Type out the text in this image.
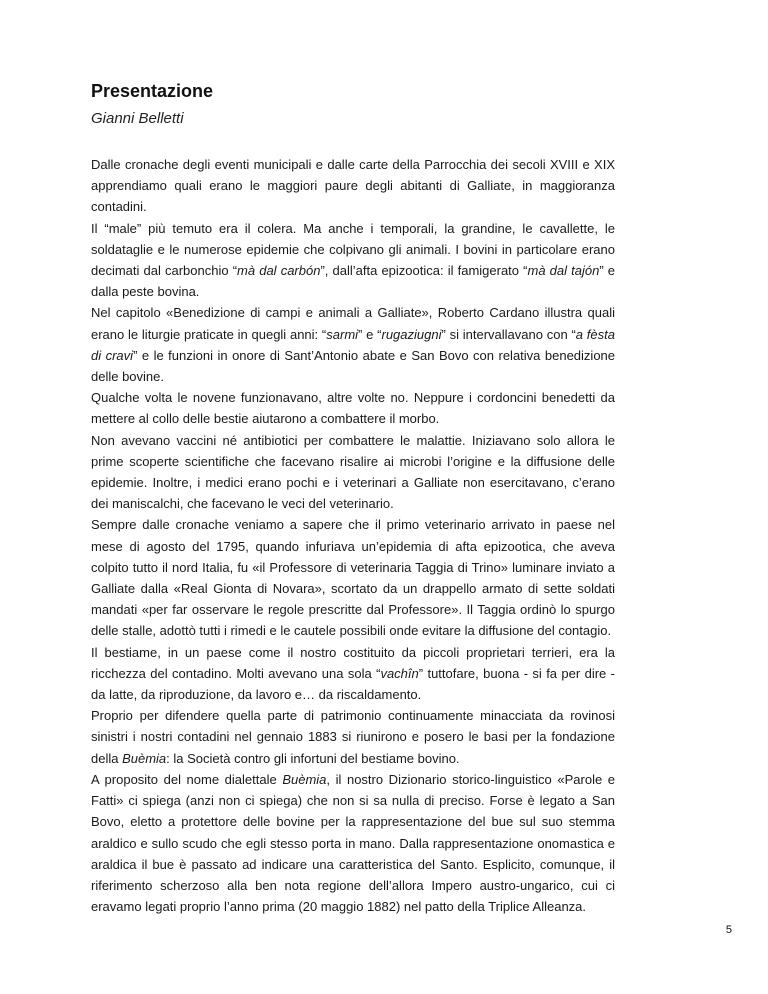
Presentazione
Gianni Belletti

Dalle cronache degli eventi municipali e dalle carte della Parrocchia dei secoli XVIII e XIX apprendiamo quali erano le maggiori paure degli abitanti di Galliate, in maggioranza contadini.

Il “male” più temuto era il colera. Ma anche i temporali, la grandine, le cavallette, le soldataglie e le numerose epidemie che colpivano gli animali. I bovini in particolare erano decimati dal carbonchio “mà dal carbón”, dall’afta epizootica: il famigerato “mà dal tajón” e dalla peste bovina.

Nel capitolo «Benedizione di campi e animali a Galliate», Roberto Cardano illustra quali erano le liturgie praticate in quegli anni: “sarmi” e “rugaziugni” si intervallavano con “a fèsta di cravi” e le funzioni in onore di Sant’Antonio abate e San Bovo con relativa benedizione delle bovine.

Qualche volta le novene funzionavano, altre volte no. Neppure i cordoncini benedetti da mettere al collo delle bestie aiutarono a combattere il morbo.

Non avevano vaccini né antibiotici per combattere le malattie. Iniziavano solo allora le prime scoperte scientifiche che facevano risalire ai microbi l’origine e la diffusione delle epidemie. Inoltre, i medici erano pochi e i veterinari a Galliate non esercitavano, c’erano dei maniscalchi, che facevano le veci del veterinario.

Sempre dalle cronache veniamo a sapere che il primo veterinario arrivato in paese nel mese di agosto del 1795, quando infuriava un’epidemia di afta epizootica, che aveva colpito tutto il nord Italia, fu «il Professore di veterinaria Taggia di Trino» luminare inviato a Galliate dalla «Real Gionta di Novara», scortato da un drappello armato di sette soldati mandati «per far osservare le regole prescritte dal Professore». Il Taggia ordinò lo spurgo delle stalle, adottò tutti i rimedi e le cautele possibili onde evitare la diffusione del contagio.

Il bestiame, in un paese come il nostro costituito da piccoli proprietari terrieri, era la ricchezza del contadino. Molti avevano una sola “vachîn” tuttofare, buona - si fa per dire - da latte, da riproduzione, da lavoro e… da riscaldamento.

Proprio per difendere quella parte di patrimonio continuamente minacciata da rovinosi sinistri i nostri contadini nel gennaio 1883 si riunirono e posero le basi per la fondazione della Buèmia: la Società contro gli infortuni del bestiame bovino.

A proposito del nome dialettale Buèmia, il nostro Dizionario storico-linguistico «Parole e Fatti» ci spiega (anzi non ci spiega) che non si sa nulla di preciso. Forse è legato a San Bovo, eletto a protettore delle bovine per la rappresentazione del bue sul suo stemma araldico e sullo scudo che egli stesso porta in mano. Dalla rappresentazione onomastica e araldica il bue è passato ad indicare una caratteristica del Santo. Esplicito, comunque, il riferimento scherzoso alla ben nota regione dell’allora Impero austro-ungarico, cui ci eravamo legati proprio l’anno prima (20 maggio 1882) nel patto della Triplice Alleanza.

5
